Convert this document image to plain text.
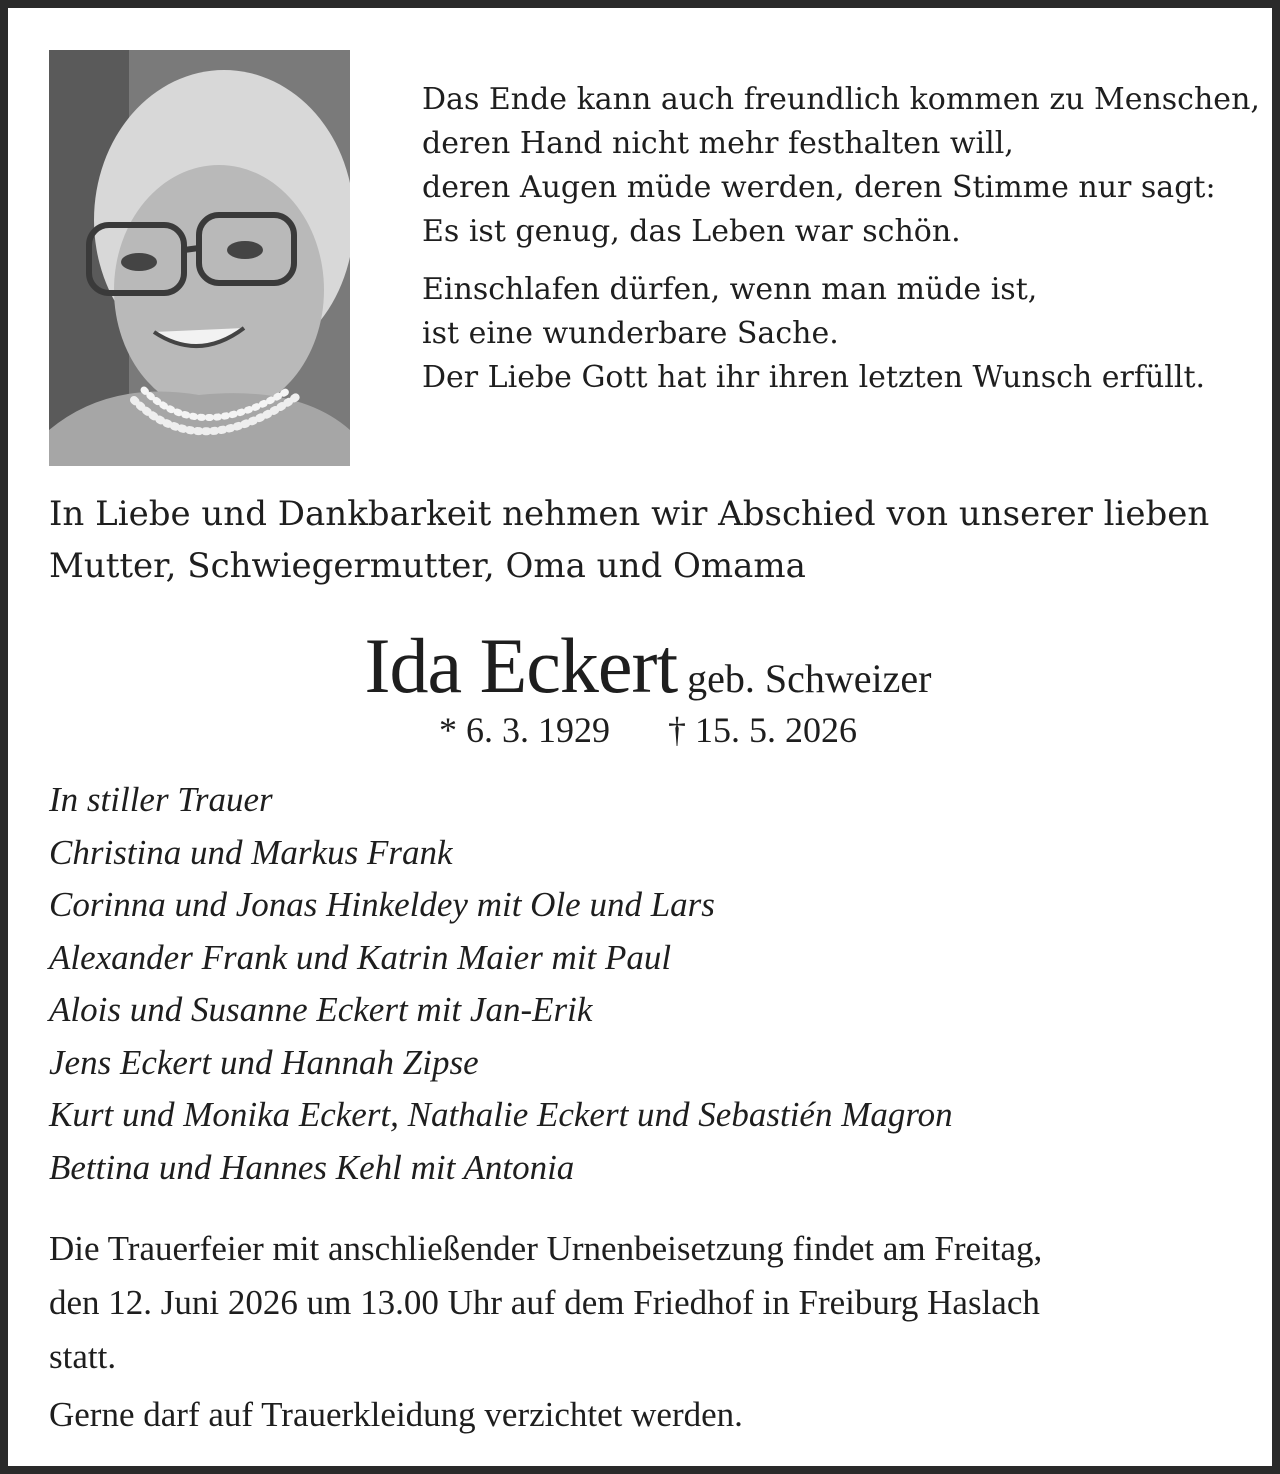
Das Ende kann auch freundlich kommen zu Menschen,
deren Hand nicht mehr festhalten will,
deren Augen müde werden, deren Stimme nur sagt:
Es ist genug, das Leben war schön.
Einschlafen dürfen, wenn man müde ist,
ist eine wunderbare Sache.
Der Liebe Gott hat ihr ihren letzten Wunsch erfüllt.
In Liebe und Dankbarkeit nehmen wir Abschied von unserer lieben
Mutter, Schwiegermutter, Oma und Omama
Ida Eckert geb. Schweizer
* 6. 3. 1929 † 15. 5. 2026
In stiller Trauer
Christina und Markus Frank
Corinna und Jonas Hinkeldey mit Ole und Lars
Alexander Frank und Katrin Maier mit Paul
Alois und Susanne Eckert mit Jan-Erik
Jens Eckert und Hannah Zipse
Kurt und Monika Eckert, Nathalie Eckert und Sebastién Magron
Bettina und Hannes Kehl mit Antonia
Die Trauerfeier mit anschließender Urnenbeisetzung findet am Freitag,
den 12. Juni 2026 um 13.00 Uhr auf dem Friedhof in Freiburg Haslach
statt.
Gerne darf auf Trauerkleidung verzichtet werden.
